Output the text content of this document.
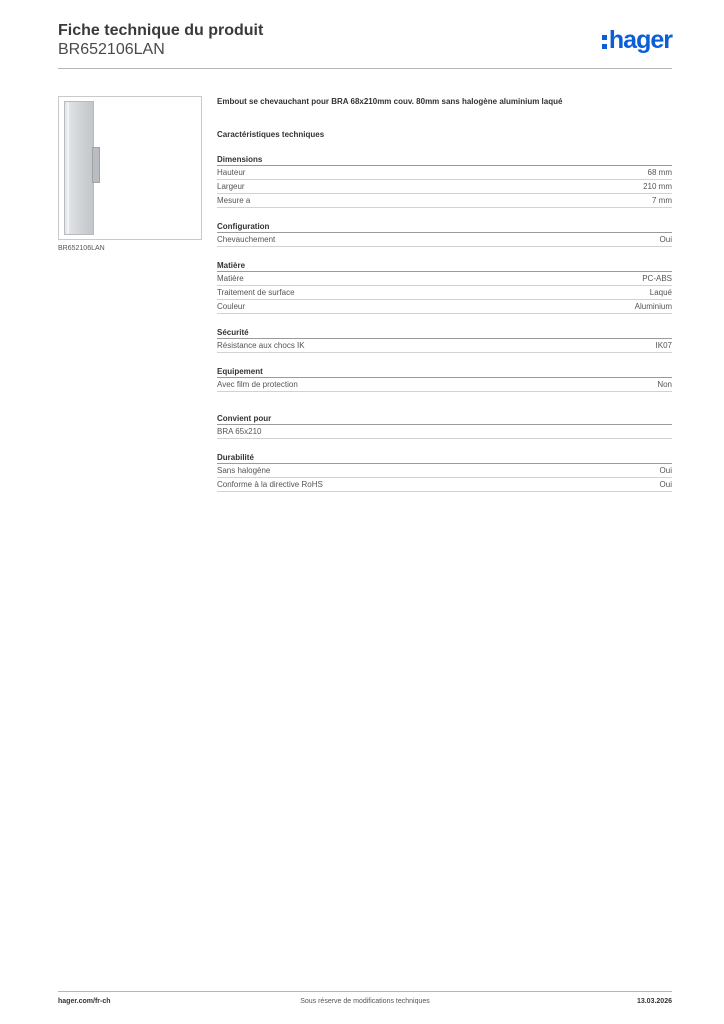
Fiche technique du produit
BR652106LAN	hager
BR652106LAN
Embout se chevauchant pour BRA 68x210mm couv. 80mm sans halogène aluminium laqué
Caractéristiques techniques
Dimensions
Hauteur	68 mm
Largeur	210 mm
Mesure a	7 mm
Configuration
Chevauchement	Oui
Matière
Matière	PC-ABS
Traitement de surface	Laqué
Couleur	Aluminium
Sécurité
Résistance aux chocs IK	IK07
Equipement
Avec film de protection	Non
Convient pour
BRA 65x210
Durabilité
Sans halogène	Oui
Conforme à la directive RoHS	Oui
hager.com/fr-ch	Sous réserve de modifications techniques	13.03.2026
